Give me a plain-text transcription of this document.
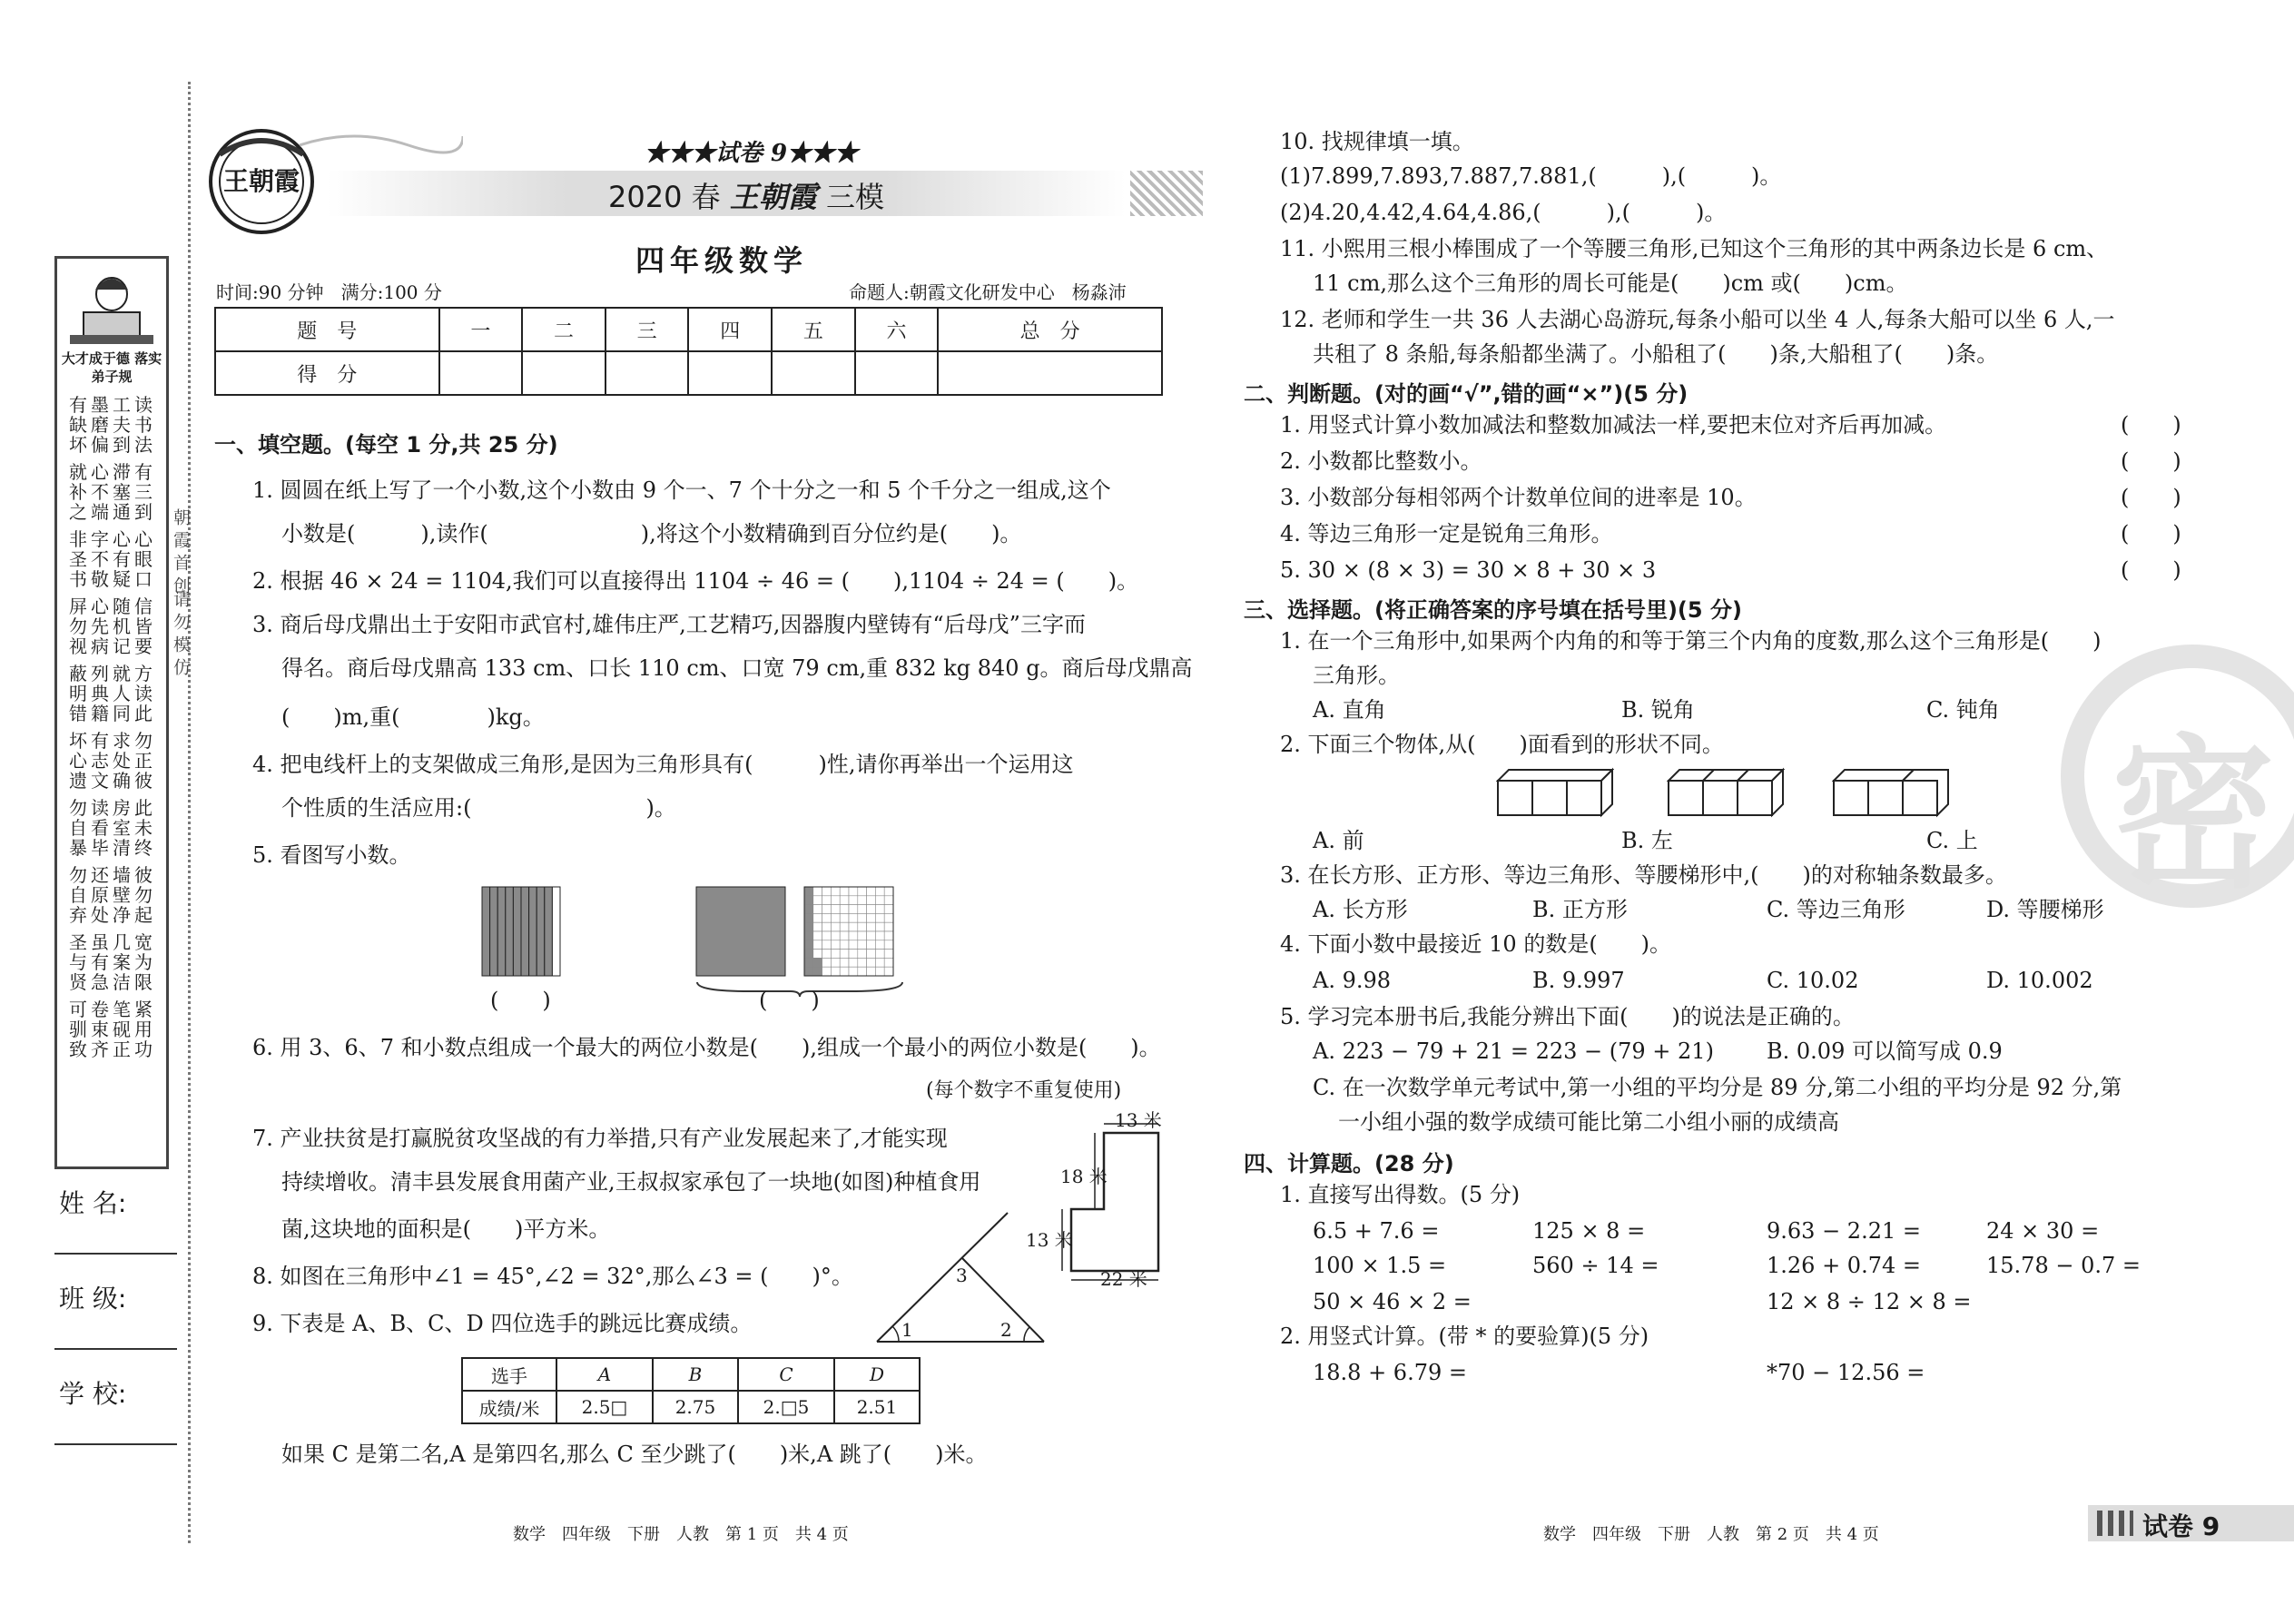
大才成于德 落实弟子规
有墨工读
缺磨夫书
坏偏到法
就心滞有
补不塞三
之端通到
非字心心
圣不有眼
书敬疑口
屏心随信
勿先机皆
视病记要
蔽列就方
明典人读
错籍同此
坏有求勿
心志处正
遗文确彼
勿读房此
自看室未
暴毕清终
勿还墙彼
自原壁勿
弃处净起
圣虽几宽
与有案为
贤急洁限
可卷笔紧
驯束砚用
致齐正功
朝霞首创
请勿模仿
姓 名:
班 级:
学 校:
王朝霞
★★★试卷 9★★★
2020 春 王朝霞 三模
四年级数学
时间:90 分钟   满分:100 分	命题人:朝霞文化研发中心   杨淼沛
题　号	一	二	三	四	五	六	总　分
得　分							
一、填空题。(每空 1 分,共 25 分)
1. 圆圆在纸上写了一个小数,这个小数由 9 个一、7 个十分之一和 5 个千分之一组成,这个
小数是(　　　),读作(　　　　　　　),将这个小数精确到百分位约是(　　)。
2. 根据 46 × 24 = 1104,我们可以直接得出 1104 ÷ 46 = (　　),1104 ÷ 24 = (　　)。
3. 商后母戊鼎出土于安阳市武官村,雄伟庄严,工艺精巧,因器腹内壁铸有“后母戊”三字而
得名。商后母戊鼎高 133 cm、口长 110 cm、口宽 79 cm,重 832 kg 840 g。商后母戊鼎高
(　　)m,重(　　　　)kg。
4. 把电线杆上的支架做成三角形,是因为三角形具有(　　　)性,请你再举出一个运用这
个性质的生活应用:(　　　　　　　　)。
5. 看图写小数。
(　　)	(　　)
6. 用 3、6、7 和小数点组成一个最大的两位小数是(　　),组成一个最小的两位小数是(　　)。
(每个数字不重复使用)
7. 产业扶贫是打赢脱贫攻坚战的有力举措,只有产业发展起来了,才能实现
持续增收。清丰县发展食用菌产业,王叔叔家承包了一块地(如图)种植食用
菌,这块地的面积是(　　)平方米。
13 米
18 米
13 米
22 米
8. 如图在三角形中∠1 = 45°,∠2 = 32°,那么∠3 = (　　)°。
1	2
3
9. 下表是 A、B、C、D 四位选手的跳远比赛成绩。
选手	A	B	C	D
成绩/米	2.5□	2.75	2.□5	2.51
如果 C 是第二名,A 是第四名,那么 C 至少跳了(　　)米,A 跳了(　　)米。
10. 找规律填一填。
(1)7.899,7.893,7.887,7.881,(　　　),(　　　)。
(2)4.20,4.42,4.64,4.86,(　　　),(　　　)。
11. 小熙用三根小棒围成了一个等腰三角形,已知这个三角形的其中两条边长是 6 cm、
11 cm,那么这个三角形的周长可能是(　　)cm 或(　　)cm。
12. 老师和学生一共 36 人去湖心岛游玩,每条小船可以坐 4 人,每条大船可以坐 6 人,一
共租了 8 条船,每条船都坐满了。小船租了(　　)条,大船租了(　　)条。
二、判断题。(对的画“√”,错的画“×”)(5 分)
1. 用竖式计算小数加减法和整数加减法一样,要把末位对齐后再加减。
2. 小数都比整数小。
3. 小数部分每相邻两个计数单位间的进率是 10。
4. 等边三角形一定是锐角三角形。
5. 30 × (8 × 3) = 30 × 8 + 30 × 3
(　　)
(　　)
(　　)
(　　)
(　　)
三、选择题。(将正确答案的序号填在括号里)(5 分)
1. 在一个三角形中,如果两个内角的和等于第三个内角的度数,那么这个三角形是(　　)
三角形。
A. 直角	B. 锐角	C. 钝角
2. 下面三个物体,从(　　)面看到的形状不同。
A. 前	B. 左	C. 上
3. 在长方形、正方形、等边三角形、等腰梯形中,(　　)的对称轴条数最多。
A. 长方形	B. 正方形	C. 等边三角形	D. 等腰梯形
4. 下面小数中最接近 10 的数是(　　)。
A. 9.98	B. 9.997	C. 10.02	D. 10.002
5. 学习完本册书后,我能分辨出下面(　　)的说法是正确的。
A. 223 − 79 + 21 = 223 − (79 + 21) B. 0.09 可以简写成 0.9
C. 在一次数学单元考试中,第一小组的平均分是 89 分,第二小组的平均分是 92 分,第
一小组小强的数学成绩可能比第二小组小丽的成绩高
四、计算题。(28 分)
1. 直接写出得数。(5 分)
6.5 + 7.6 =	125 × 8 =	9.63 − 2.21 =	24 × 30 =
100 × 1.5 =	560 ÷ 14 =	1.26 + 0.74 =	15.78 − 0.7 =
50 × 46 × 2 =	12 × 8 ÷ 12 × 8 =
2. 用竖式计算。(带 * 的要验算)(5 分)
18.8 + 6.79 =	*70 − 12.56 =
密
数学　四年级　下册　人教　第 1 页　共 4 页	数学　四年级　下册　人教　第 2 页　共 4 页	试卷 9
